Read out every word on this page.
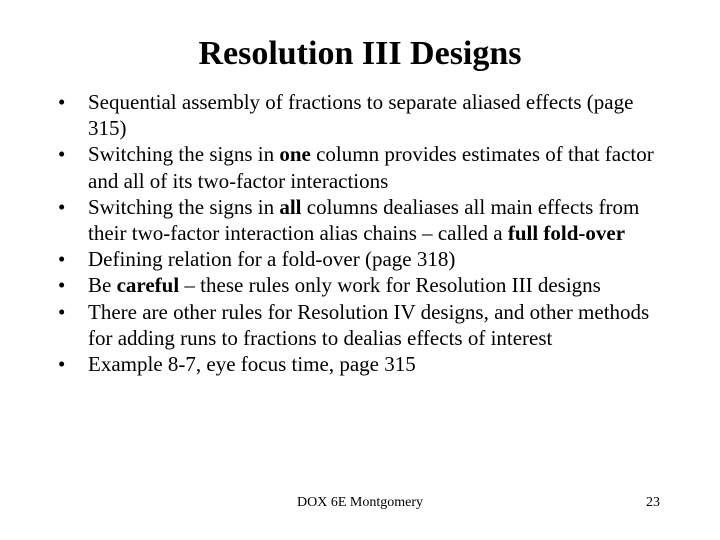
Resolution III Designs
• Sequential assembly of fractions to separate aliased effects (page 315)
• Switching the signs in one column provides estimates of that factor and all of its two-factor interactions
• Switching the signs in all columns dealiases all main effects from their two-factor interaction alias chains – called a full fold-over
• Defining relation for a fold-over (page 318)
• Be careful – these rules only work for Resolution III designs
• There are other rules for Resolution IV designs, and other methods for adding runs to fractions to dealias effects of interest
• Example 8-7, eye focus time, page 315
DOX 6E Montgomery	23
